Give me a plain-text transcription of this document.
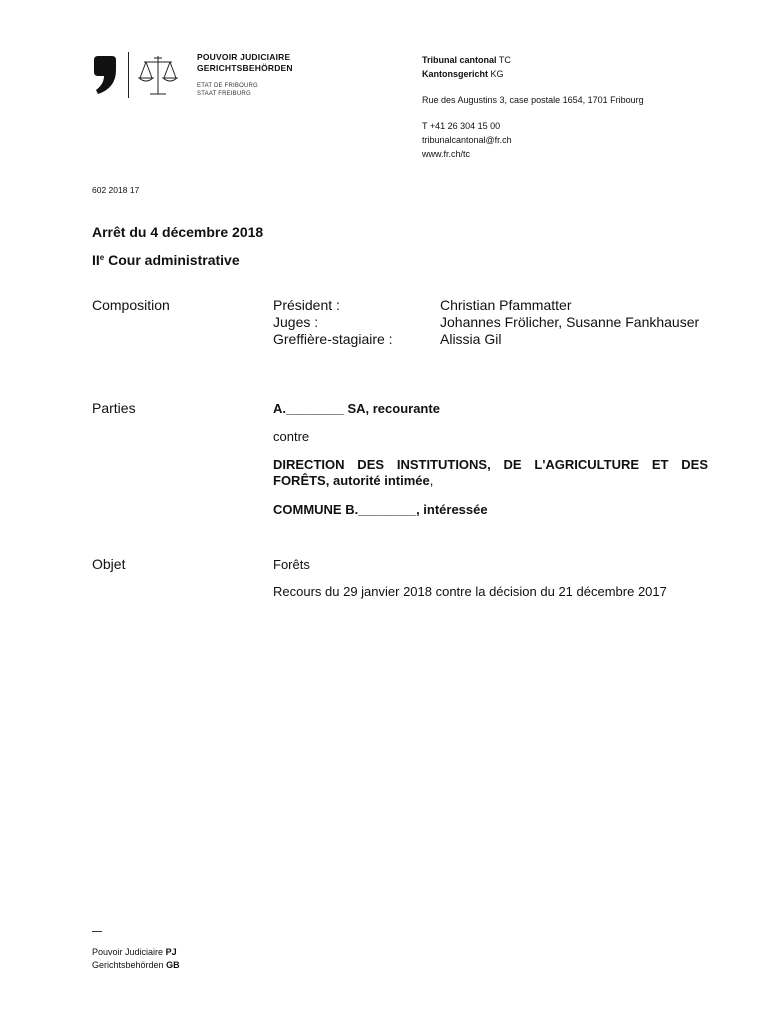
POUVOIR JUDICIAIRE
GERICHTSBEHÖRDEN
ETAT DE FRIBOURG
STAAT FREIBURG
Tribunal cantonal TC
Kantonsgericht KG
Rue des Augustins 3, case postale 1654, 1701 Fribourg
T +41 26 304 15 00
tribunalcantonal@fr.ch
www.fr.ch/tc
602 2018 17
Arrêt du 4 décembre 2018
IIe Cour administrative
Composition	Président :	Christian Pfammatter
Juges :	Johannes Frölicher, Susanne Fankhauser
Greffière-stagiaire :	Alissia Gil
Parties	A.________ SA, recourante
contre
DIRECTION DES INSTITUTIONS, DE L'AGRICULTURE ET DES FORÊTS, autorité intimée,
COMMUNE B.________, intéressée
Objet	Forêts
Recours du 29 janvier 2018 contre la décision du 21 décembre 2017
Pouvoir Judiciaire PJ
Gerichtsbehörden GB
